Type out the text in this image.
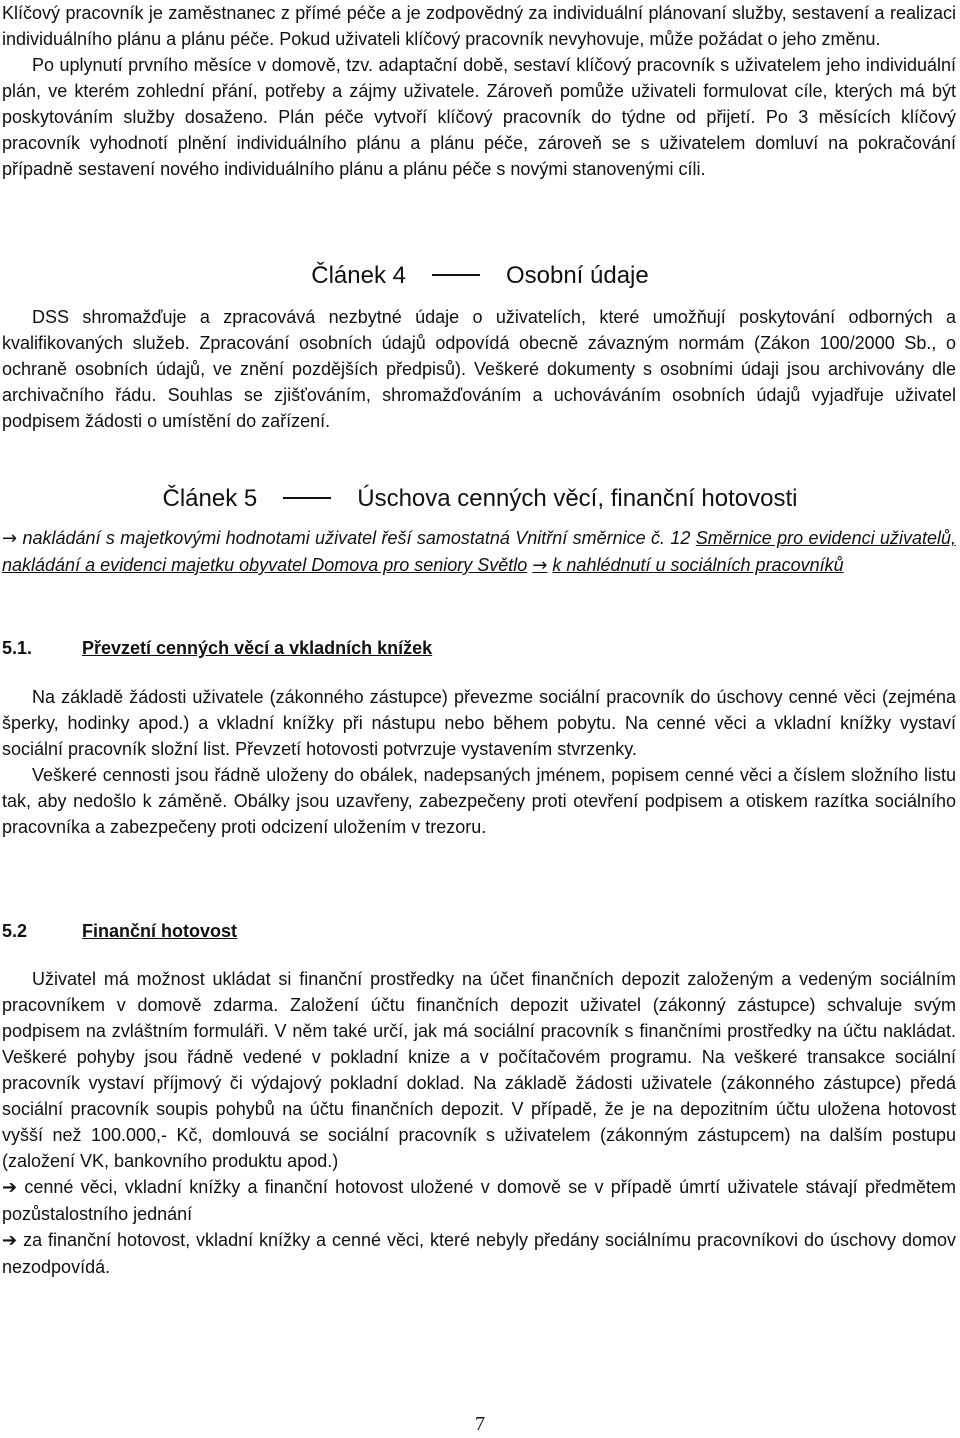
Klíčový pracovník je zaměstnanec z přímé péče a je zodpovědný za individuální plánovaní služby, sestavení a realizaci individuálního plánu a plánu péče. Pokud uživateli klíčový pracovník nevyhovuje, může požádat o jeho změnu.

Po uplynutí prvního měsíce v domově, tzv. adaptační době, sestaví klíčový pracovník s uživatelem jeho individuální plán, ve kterém zohlední přání, potřeby a zájmy uživatele. Zároveň pomůže uživateli formulovat cíle, kterých má být poskytováním služby dosaženo. Plán péče vytvoří klíčový pracovník do týdne od přijetí. Po 3 měsících klíčový pracovník vyhodnotí plnění individuálního plánu a plánu péče, zároveň se s uživatelem domluví na pokračování případně sestavení nového individuálního plánu a plánu péče s novými stanovenými cíli.

Článek 4	Osobní údaje

DSS shromažďuje a zpracovává nezbytné údaje o uživatelích, které umožňují poskytování odborných a kvalifikovaných služeb. Zpracování osobních údajů odpovídá obecně závazným normám (Zákon 100/2000 Sb., o ochraně osobních údajů, ve znění pozdějších předpisů). Veškeré dokumenty s osobními údaji jsou archivovány dle archivačního řádu. Souhlas se zjišťováním, shromažďováním a uchováváním osobních údajů vyjadřuje uživatel podpisem žádosti o umístění do zařízení.

Článek 5	Úschova cenných věcí, finanční hotovosti

→ nakládání s majetkovými hodnotami uživatel řeší samostatná Vnitřní směrnice č. 12 Směrnice pro evidenci uživatelů, nakládání a evidenci majetku obyvatel Domova pro seniory Světlo → k nahlédnutí u sociálních pracovníků

5.1.	Převzetí cenných věcí a vkladních knížek

Na základě žádosti uživatele (zákonného zástupce) převezme sociální pracovník do úschovy cenné věci (zejména šperky, hodinky apod.) a vkladní knížky při nástupu nebo během pobytu. Na cenné věci a vkladní knížky vystaví sociální pracovník složní list. Převzetí hotovosti potvrzuje vystavením stvrzenky.

Veškeré cennosti jsou řádně uloženy do obálek, nadepsaných jménem, popisem cenné věci a číslem složního listu tak, aby nedošlo k záměně. Obálky jsou uzavřeny, zabezpečeny proti otevření podpisem a otiskem razítka sociálního pracovníka a zabezpečeny proti odcizení uložením v trezoru.

5.2	Finanční hotovost

Uživatel má možnost ukládat si finanční prostředky na účet finančních depozit založeným a vedeným sociálním pracovníkem v domově zdarma. Založení účtu finančních depozit uživatel (zákonný zástupce) schvaluje svým podpisem na zvláštním formuláři. V něm také určí, jak má sociální pracovník s finančními prostředky na účtu nakládat. Veškeré pohyby jsou řádně vedené v pokladní knize a v počítačovém programu. Na veškeré transakce sociální pracovník vystaví příjmový či výdajový pokladní doklad. Na základě žádosti uživatele (zákonného zástupce) předá sociální pracovník soupis pohybů na účtu finančních depozit. V případě, že je na depozitním účtu uložena hotovost vyšší než 100.000,- Kč, domlouvá se sociální pracovník s uživatelem (zákonným zástupcem) na dalším postupu (založení VK, bankovního produktu apod.)

➔ cenné věci, vkladní knížky a finanční hotovost uložené v domově se v případě úmrtí uživatele stávají předmětem pozůstalostního jednání

➔ za finanční hotovost, vkladní knížky a cenné věci, které nebyly předány sociálnímu pracovníkovi do úschovy domov nezodpovídá.

7
